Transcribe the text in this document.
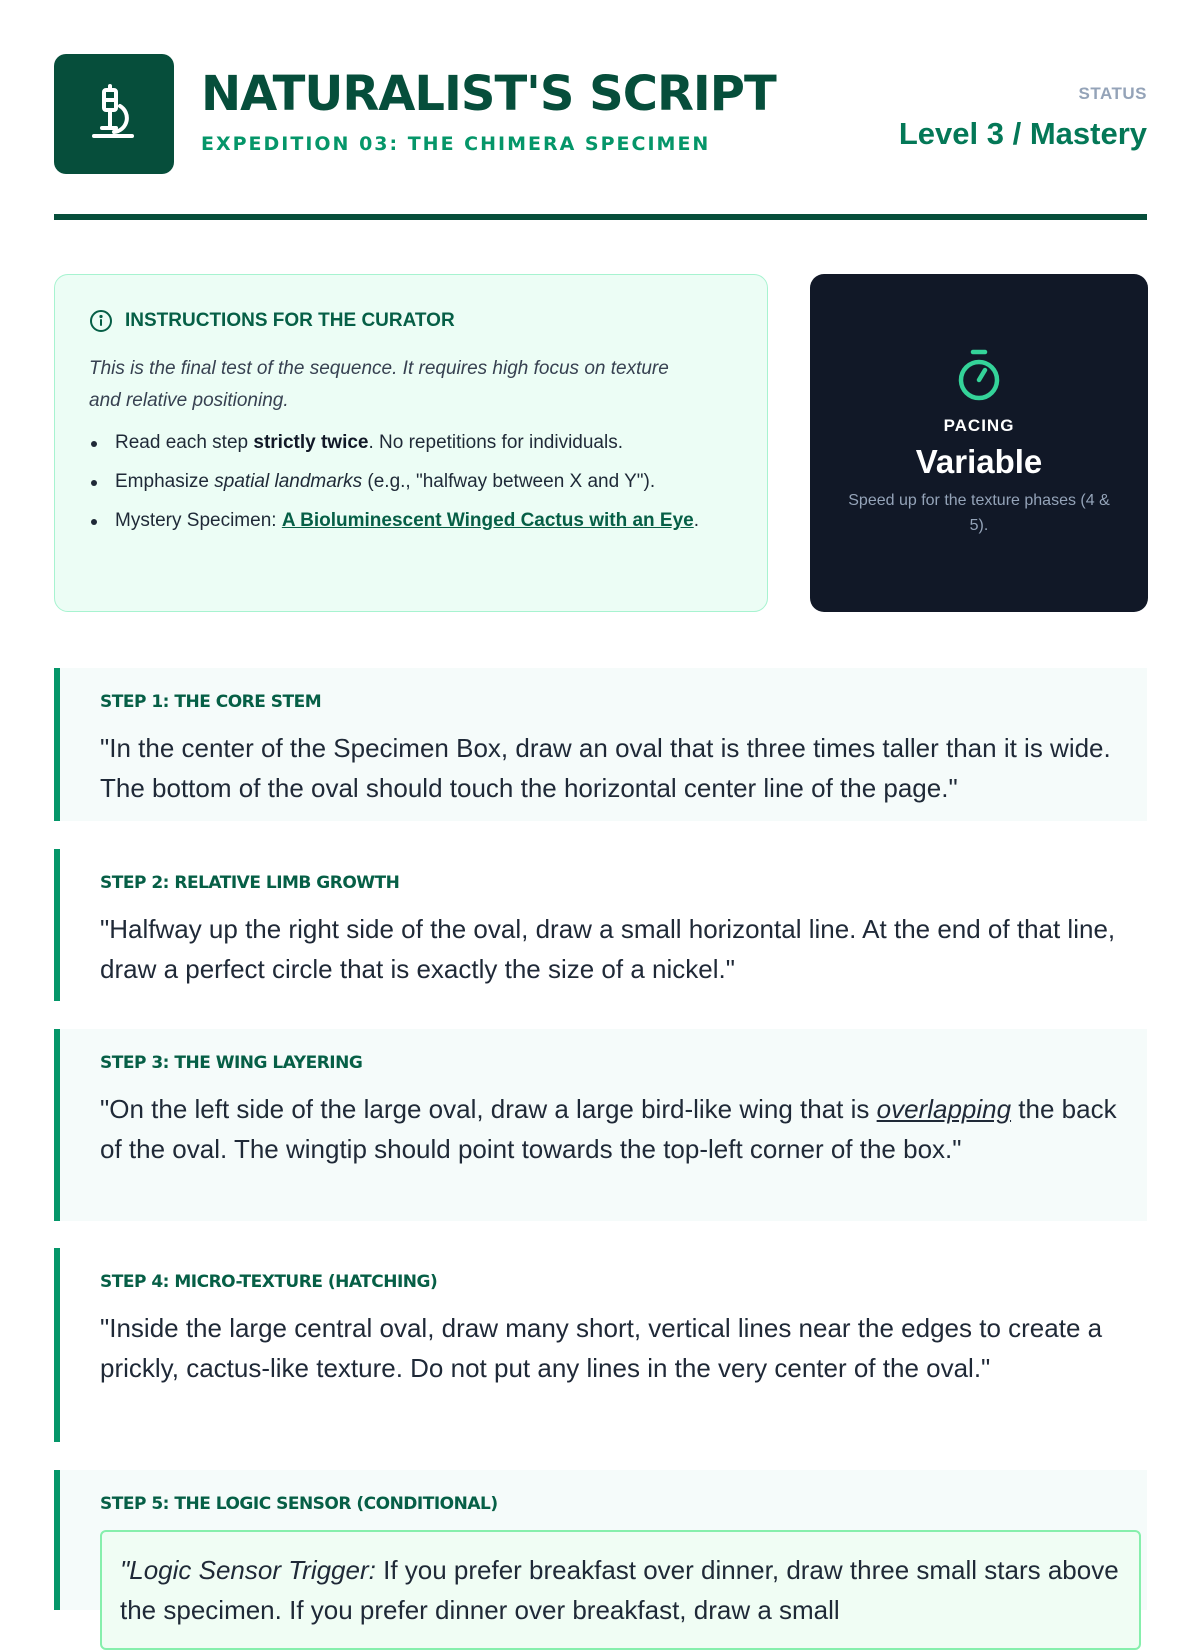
NATURALIST'S SCRIPT
EXPEDITION 03: THE CHIMERA SPECIMEN
STATUS
Level 3 / Mastery
INSTRUCTIONS FOR THE CURATOR

This is the final test of the sequence. It requires high focus on texture and relative positioning.

Read each step strictly twice. No repetitions for individuals.
Emphasize spatial landmarks (e.g., "halfway between X and Y").
Mystery Specimen: A Bioluminescent Winged Cactus with an Eye.
PACING
Variable
Speed up for the texture phases (4 & 5).
STEP 1: THE CORE STEM

"In the center of the Specimen Box, draw an oval that is three times taller than it is wide. The bottom of the oval should touch the horizontal center line of the page."

STEP 2: RELATIVE LIMB GROWTH

"Halfway up the right side of the oval, draw a small horizontal line. At the end of that line, draw a perfect circle that is exactly the size of a nickel."

STEP 3: THE WING LAYERING

"On the left side of the large oval, draw a large bird-like wing that is overlapping the back of the oval. The wingtip should point towards the top-left corner of the box."

STEP 4: MICRO-TEXTURE (HATCHING)

"Inside the large central oval, draw many short, vertical lines near the edges to create a prickly, cactus-like texture. Do not put any lines in the very center of the oval."

STEP 5: THE LOGIC SENSOR (CONDITIONAL)
"Logic Sensor Trigger: If you prefer breakfast over dinner, draw three small stars above the specimen. If you prefer dinner over breakfast, draw a small
